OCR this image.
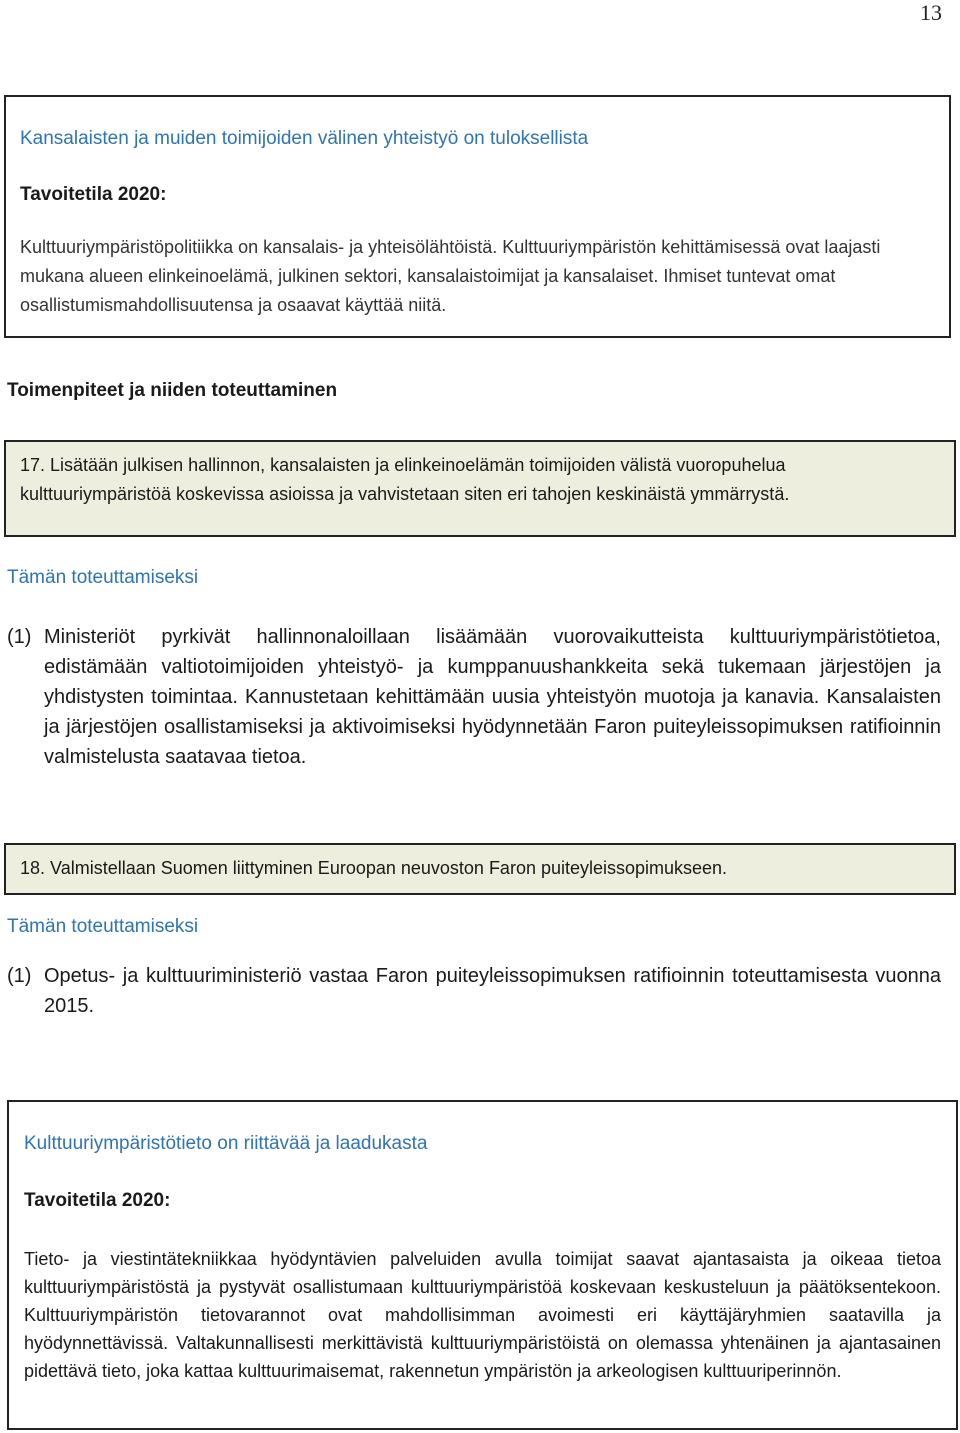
13
Kansalaisten ja muiden toimijoiden välinen yhteistyö on tuloksellista
Tavoitetila 2020:
Kulttuuriympäristöpolitiikka on kansalais- ja yhteisölähtöistä. Kulttuuriympäristön kehittämisessä ovat laajasti mukana alueen elinkeinoelämä, julkinen sektori, kansalaistoimijat ja kansalaiset. Ihmiset tuntevat omat osallistumismahdollisuutensa ja osaavat käyttää niitä.
Toimenpiteet ja niiden toteuttaminen
17. Lisätään julkisen hallinnon, kansalaisten ja elinkeinoelämän toimijoiden välistä vuoropuhelua kulttuuriympäristöä koskevissa asioissa ja vahvistetaan siten eri tahojen keskinäistä ymmärrystä.
Tämän toteuttamiseksi
(1) Ministeriöt pyrkivät hallinnonaloillaan lisäämään vuorovaikutteista kulttuuriympäristötietoa, edistämään valtiotoimijoiden yhteistyö- ja kumppanuushankkeita sekä tukemaan järjestöjen ja yhdistysten toimintaa. Kannustetaan kehittämään uusia yhteistyön muotoja ja kanavia. Kansalaisten ja järjestöjen osallistamiseksi ja aktivoimiseksi hyödynnetään Faron puiteyleissopimuksen ratifioinnin valmistelusta saatavaa tietoa.
18. Valmistellaan Suomen liittyminen Euroopan neuvoston Faron puiteyleissopimukseen.
Tämän toteuttamiseksi
(1) Opetus- ja kulttuuriministeriö vastaa Faron puiteyleissopimuksen ratifioinnin toteuttamisesta vuonna 2015.
Kulttuuriympäristötieto on riittävää ja laadukasta
Tavoitetila 2020:
Tieto- ja viestintätekniikkaa hyödyntävien palveluiden avulla toimijat saavat ajantasaista ja oikeaa tietoa kulttuuriympäristöstä ja pystyvät osallistumaan kulttuuriympäristöä koskevaan keskusteluun ja päätöksentekoon. Kulttuuriympäristön tietovarannot ovat mahdollisimman avoimesti eri käyttäjäryhmien saatavilla ja hyödynnettävissä. Valtakunnallisesti merkittävistä kulttuuriympäristöistä on olemassa yhtenäinen ja ajantasainen pidettävä tieto, joka kattaa kulttuurimaisemat, rakennetun ympäristön ja arkeologisen kulttuuriperinnön.
